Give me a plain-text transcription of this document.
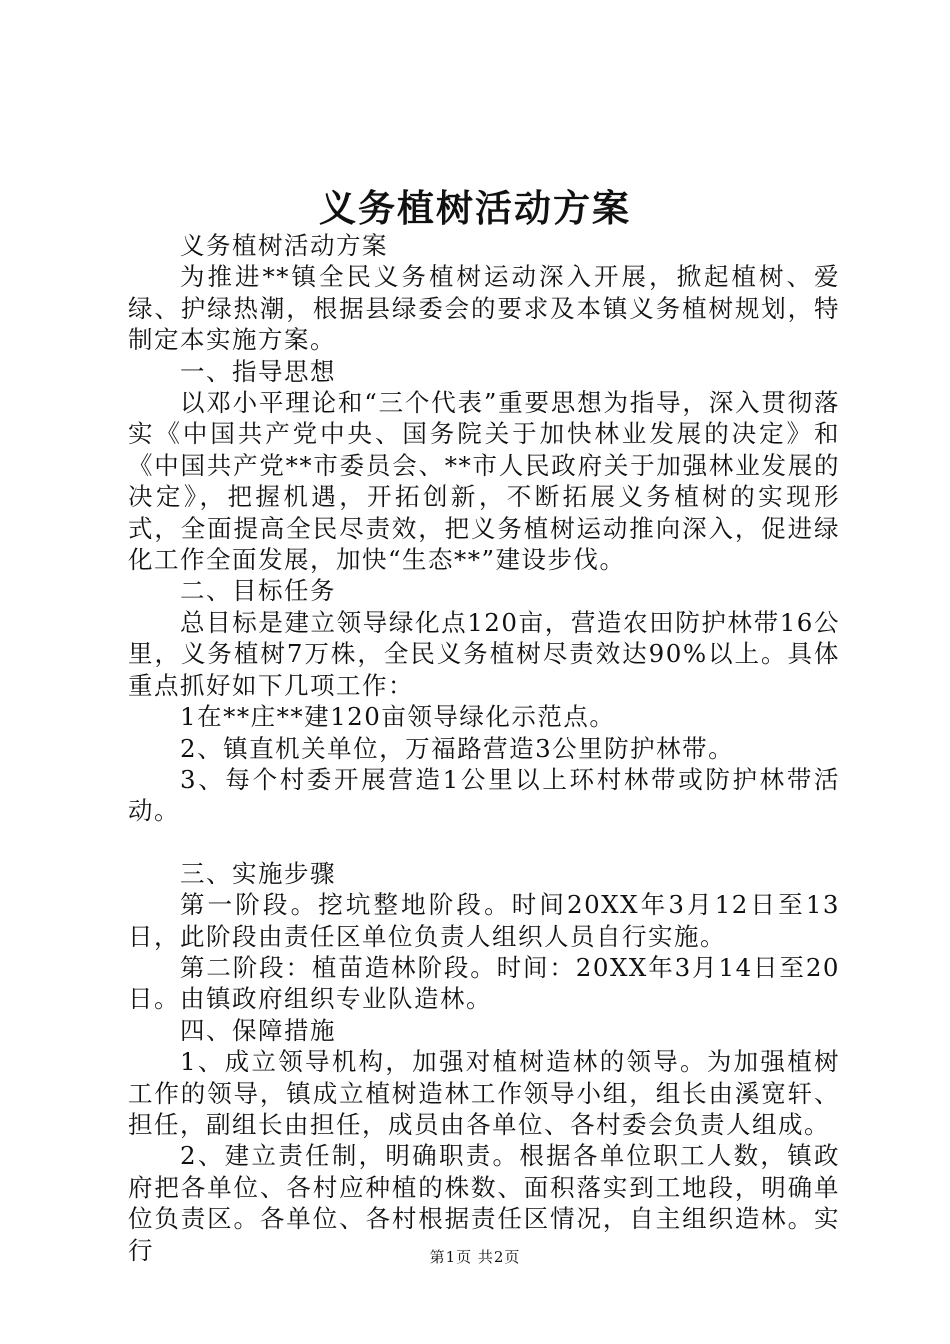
义务植树活动方案

义务植树活动方案

为推进**镇全民义务植树运动深入开展，掀起植树、爱绿、护绿热潮，根据县绿委会的要求及本镇义务植树规划，特制定本实施方案。

一、指导思想

以邓小平理论和“三个代表”重要思想为指导，深入贯彻落实《中国共产党中央、国务院关于加快林业发展的决定》和《中国共产党**市委员会、**市人民政府关于加强林业发展的决定》，把握机遇，开拓创新，不断拓展义务植树的实现形式，全面提高全民尽责效，把义务植树运动推向深入，促进绿化工作全面发展，加快“生态**”建设步伐。

二、目标任务

总目标是建立领导绿化点120亩，营造农田防护林带16公里，义务植树7万株，全民义务植树尽责效达90%以上。具体重点抓好如下几项工作：

1在**庄**建120亩领导绿化示范点。

2、镇直机关单位，万福路营造3公里防护林带。

3、每个村委开展营造1公里以上环村林带或防护林带活动。

三、实施步骤

第一阶段。挖坑整地阶段。时间20XX年3月12日至13日，此阶段由责任区单位负责人组织人员自行实施。

第二阶段：植苗造林阶段。时间：20XX年3月14日至20日。由镇政府组织专业队造林。

四、保障措施

1、成立领导机构，加强对植树造林的领导。为加强植树工作的领导，镇成立植树造林工作领导小组，组长由溪宽轩、担任，副组长由担任，成员由各单位、各村委会负责人组成。

2、建立责任制，明确职责。根据各单位职工人数，镇政府把各单位、各村应种植的株数、面积落实到工地段，明确单位负责区。各单位、各村根据责任区情况，自主组织造林。实行	第1页 共2页
